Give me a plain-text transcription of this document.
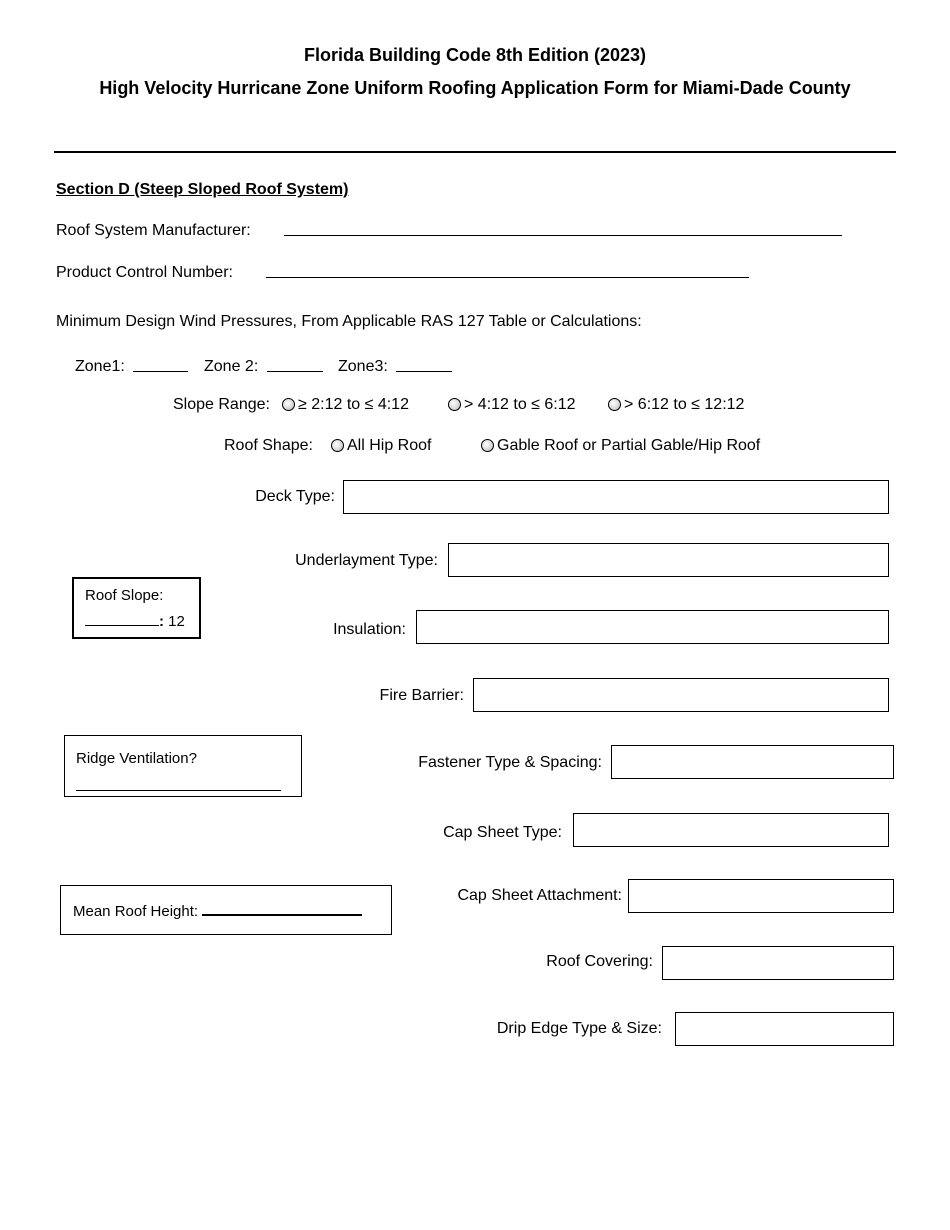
Florida Building Code 8th Edition (2023)
High Velocity Hurricane Zone Uniform Roofing Application Form for Miami-Dade County
Section D (Steep Sloped Roof System)
Roof System Manufacturer:
Product Control Number:
Minimum Design Wind Pressures, From Applicable RAS 127 Table or Calculations:
Zone1:	Zone 2:	Zone3:
Slope Range:	≥ 2:12 to ≤ 4:12	> 4:12 to ≤ 6:12	> 6:12 to ≤ 12:12
Roof Shape:	All Hip Roof	Gable Roof or Partial Gable/Hip Roof
Deck Type:
Underlayment Type:
Roof Slope:
: 12	Insulation:
Fire Barrier:
Ridge Ventilation?	Fastener Type & Spacing:
Cap Sheet Type:
Mean Roof Height:
Cap Sheet Attachment:
Roof Covering:
Drip Edge Type & Size:
